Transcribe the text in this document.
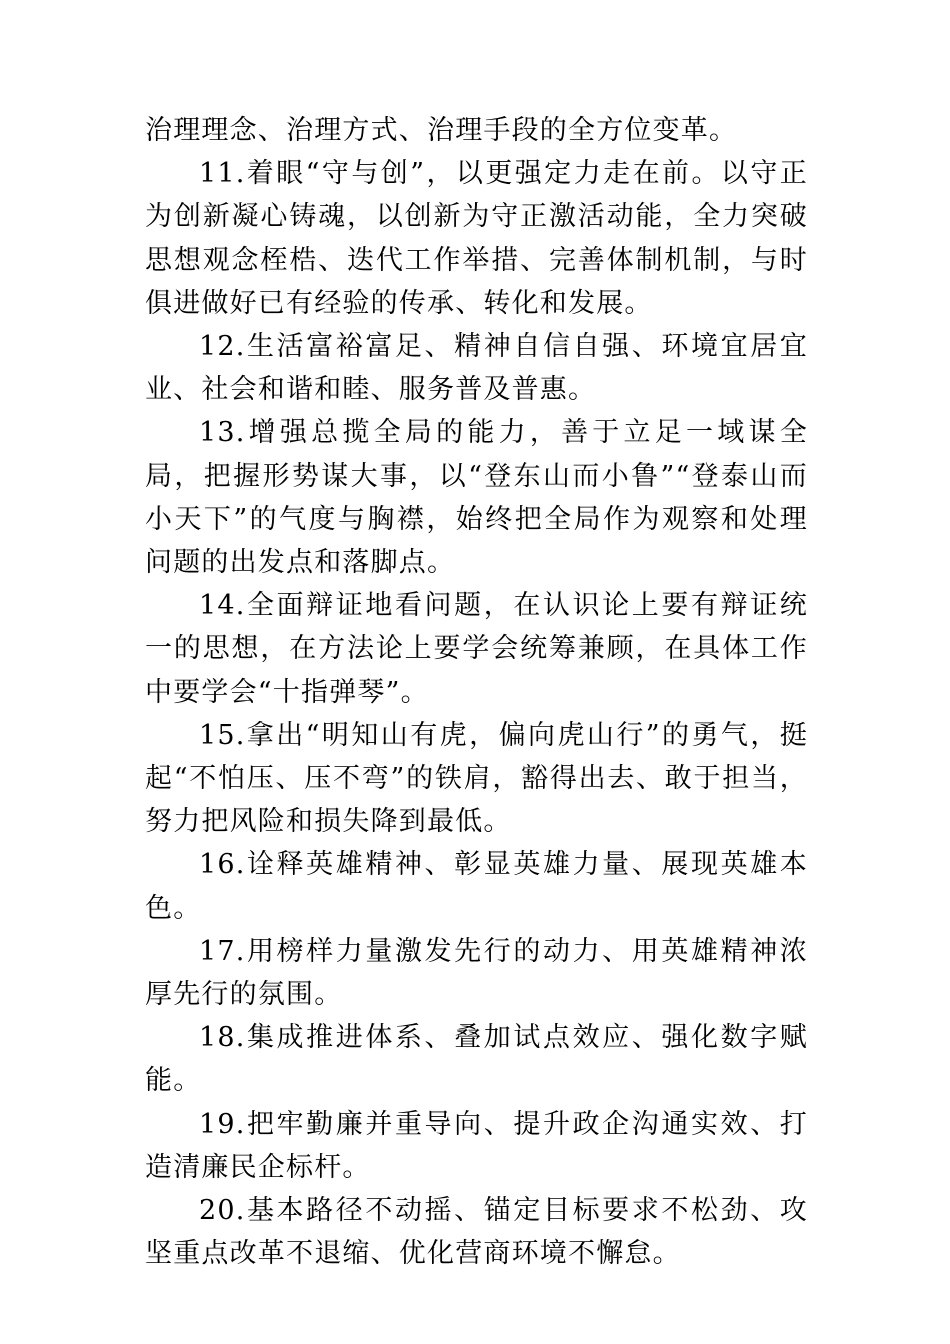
治理理念、治理方式、治理手段的全方位变革。

11.着眼“守与创”，以更强定力走在前。以守正为创新凝心铸魂，以创新为守正激活动能，全力突破思想观念桎梏、迭代工作举措、完善体制机制，与时俱进做好已有经验的传承、转化和发展。

12.生活富裕富足、精神自信自强、环境宜居宜业、社会和谐和睦、服务普及普惠。

13.增强总揽全局的能力，善于立足一域谋全局，把握形势谋大事，以“登东山而小鲁”“登泰山而小天下”的气度与胸襟，始终把全局作为观察和处理问题的出发点和落脚点。

14.全面辩证地看问题，在认识论上要有辩证统一的思想，在方法论上要学会统筹兼顾，在具体工作中要学会“十指弹琴”。

15.拿出“明知山有虎，偏向虎山行”的勇气，挺起“不怕压、压不弯”的铁肩，豁得出去、敢于担当，努力把风险和损失降到最低。

16.诠释英雄精神、彰显英雄力量、展现英雄本色。

17.用榜样力量激发先行的动力、用英雄精神浓厚先行的氛围。

18.集成推进体系、叠加试点效应、强化数字赋能。

19.把牢勤廉并重导向、提升政企沟通实效、打造清廉民企标杆。

20.基本路径不动摇、锚定目标要求不松劲、攻坚重点改革不退缩、优化营商环境不懈怠。
